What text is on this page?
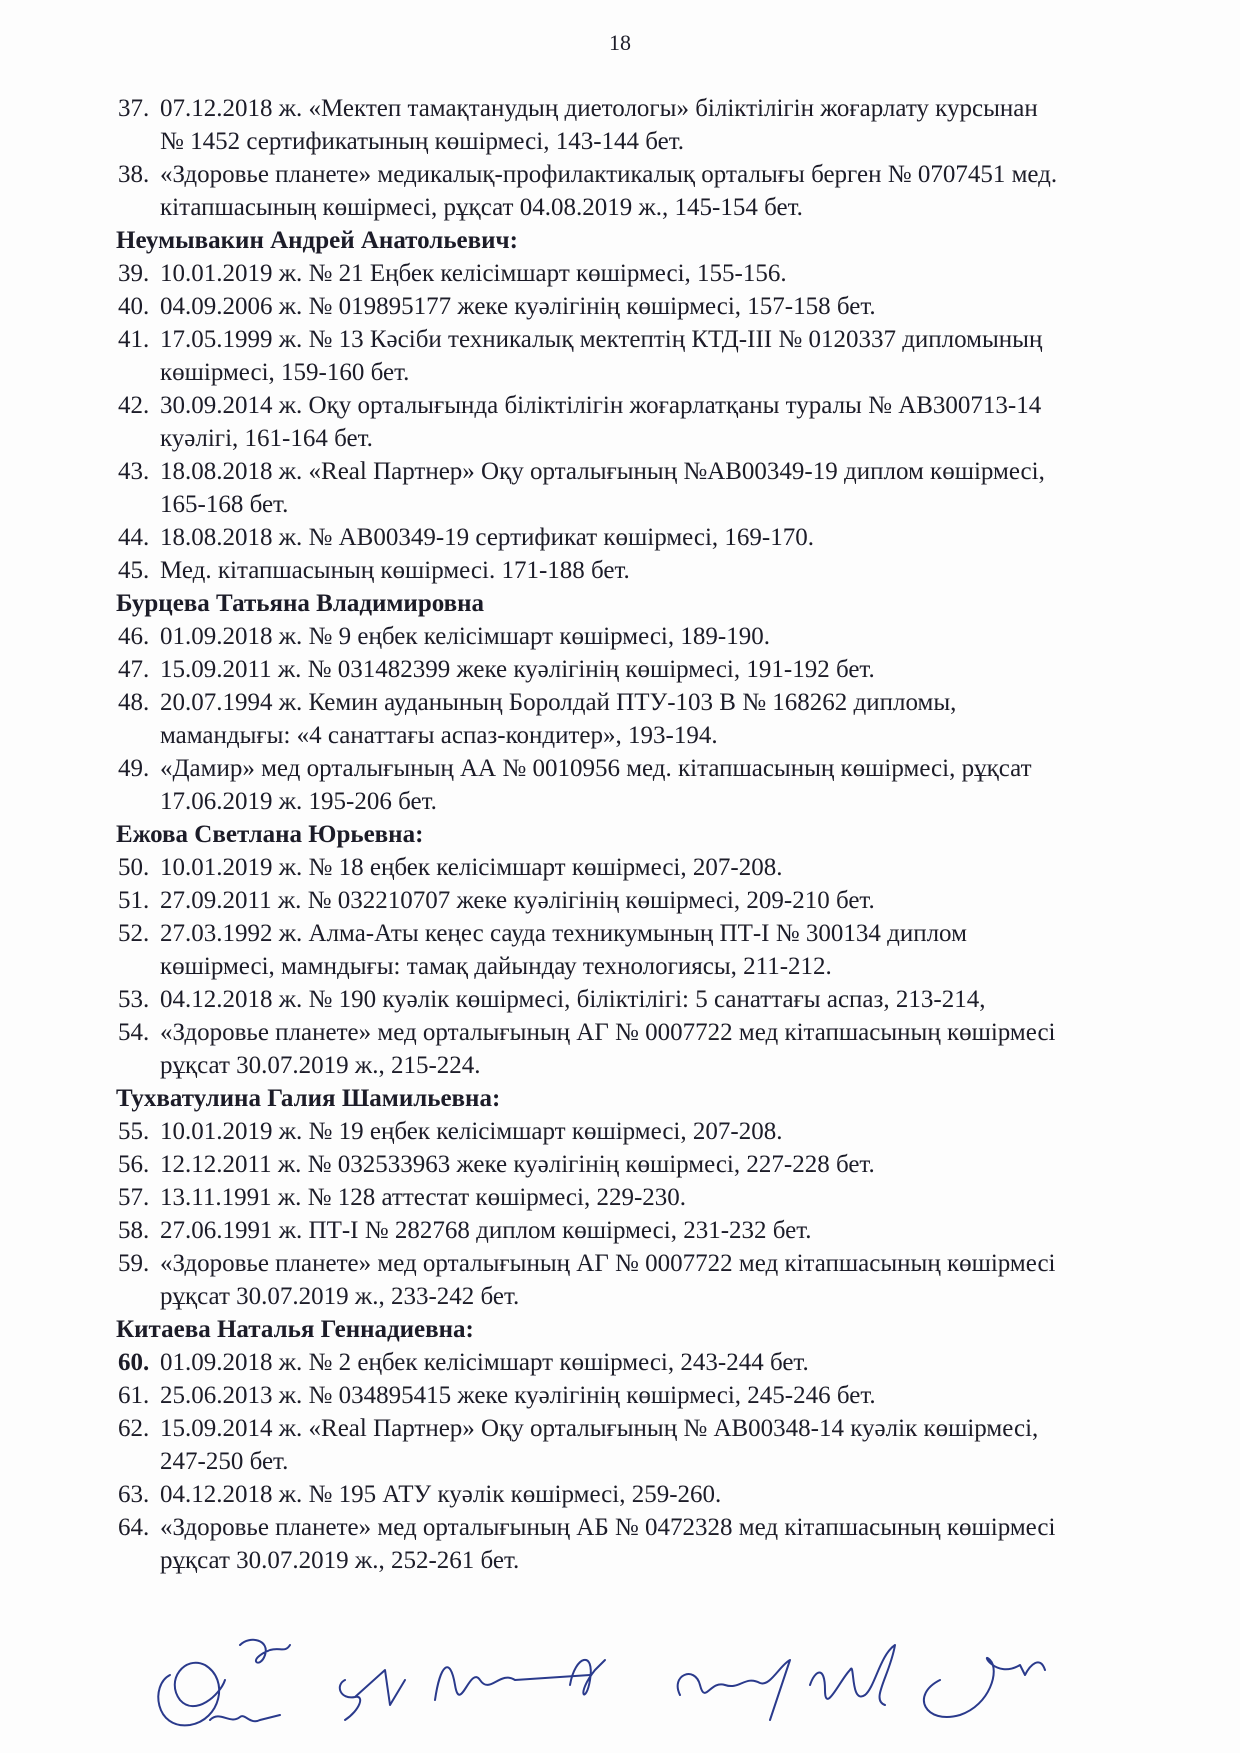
18
37. 07.12.2018 ж. «Мектеп тамақтанудың диетологы» біліктілігін жоғарлату курсынан
№ 1452 сертификатының көшірмесі, 143-144 бет.
38. «Здоровье планете» медикалық-профилактикалық орталығы берген № 0707451 мед.
кітапшасының көшірмесі, рұқсат 04.08.2019 ж., 145-154 бет.
Неумывакин Андрей Анатольевич:
39. 10.01.2019 ж. № 21 Еңбек келісімшарт көшірмесі, 155-156.
40. 04.09.2006 ж. № 019895177 жеке куәлігінің көшірмесі, 157-158 бет.
41. 17.05.1999 ж. № 13 Кәсіби техникалық мектептің КТД-III № 0120337 дипломының
көшірмесі, 159-160 бет.
42. 30.09.2014 ж. Оқу орталығында біліктілігін жоғарлатқаны туралы № АВ300713-14
куәлігі, 161-164 бет.
43. 18.08.2018 ж. «Real Партнер» Оқу орталығының №АВ00349-19 диплом көшірмесі,
165-168 бет.
44. 18.08.2018 ж. № АВ00349-19 сертификат көшірмесі, 169-170.
45. Мед. кітапшасының көшірмесі. 171-188 бет.
Бурцева Татьяна Владимировна
46. 01.09.2018 ж. № 9 еңбек келісімшарт көшірмесі, 189-190.
47. 15.09.2011 ж. № 031482399 жеке куәлігінің көшірмесі, 191-192 бет.
48. 20.07.1994 ж. Кемин ауданының Боролдай ПТУ-103 В № 168262 дипломы,
мамандығы: «4 санаттағы аспаз-кондитер», 193-194.
49. «Дамир» мед орталығының АА № 0010956 мед. кітапшасының көшірмесі, рұқсат
17.06.2019 ж. 195-206 бет.
Ежова Светлана Юрьевна:
50. 10.01.2019 ж. № 18 еңбек келісімшарт көшірмесі, 207-208.
51. 27.09.2011 ж. № 032210707 жеке куәлігінің көшірмесі, 209-210 бет.
52. 27.03.1992 ж. Алма-Аты кеңес сауда техникумының ПТ-I № 300134 диплом
көшірмесі, мамндығы: тамақ дайындау технологиясы, 211-212.
53. 04.12.2018 ж. № 190 куәлік көшірмесі, біліктілігі: 5 санаттағы аспаз, 213-214,
54. «Здоровье планете» мед орталығының АГ № 0007722 мед кітапшасының көшірмесі
рұқсат 30.07.2019 ж., 215-224.
Тухватулина Галия Шамильевна:
55. 10.01.2019 ж. № 19 еңбек келісімшарт көшірмесі, 207-208.
56. 12.12.2011 ж. № 032533963 жеке куәлігінің көшірмесі, 227-228 бет.
57. 13.11.1991 ж. № 128 аттестат көшірмесі, 229-230.
58. 27.06.1991 ж. ПТ-I № 282768 диплом көшірмесі, 231-232 бет.
59. «Здоровье планете» мед орталығының АГ № 0007722 мед кітапшасының көшірмесі
рұқсат 30.07.2019 ж., 233-242 бет.
Китаева Наталья Геннадиевна:
60. 01.09.2018 ж. № 2 еңбек келісімшарт көшірмесі, 243-244 бет.
61. 25.06.2013 ж. № 034895415 жеке куәлігінің көшірмесі, 245-246 бет.
62. 15.09.2014 ж. «Real Партнер» Оқу орталығының № АВ00348-14 куәлік көшірмесі,
247-250 бет.
63. 04.12.2018 ж. № 195 АТУ куәлік көшірмесі, 259-260.
64. «Здоровье планете» мед орталығының АБ № 0472328 мед кітапшасының көшірмесі
рұқсат 30.07.2019 ж., 252-261 бет.
